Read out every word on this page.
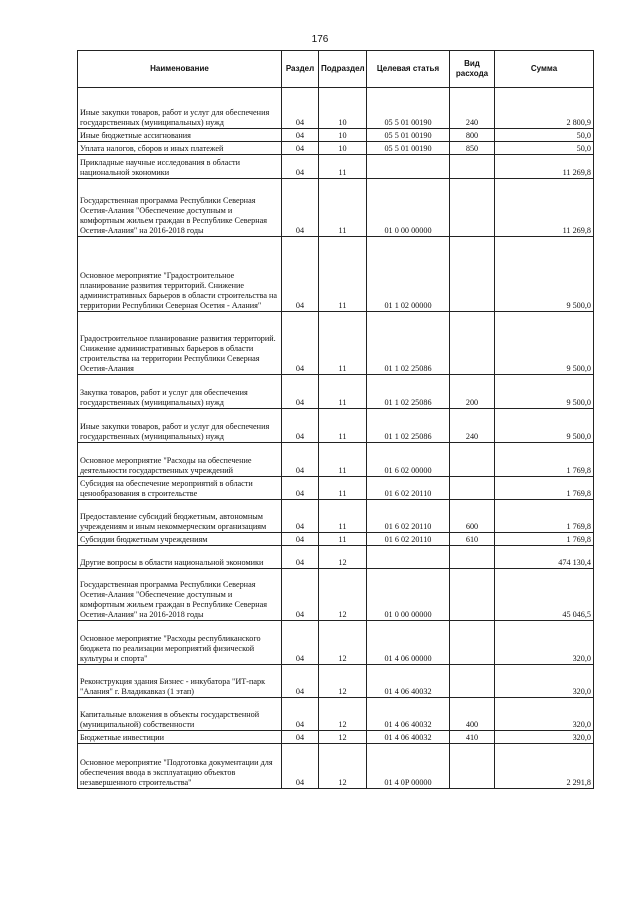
176
Наименование	Раздел	Подраздел	Целевая статья	Вид расхода	Сумма
Иные закупки товаров, работ и услуг для обеспечения государственных (муниципальных) нужд	04	10	05 5 01 00190	240	2 800,9
Иные бюджетные ассигнования	04	10	05 5 01 00190	800	50,0
Уплата налогов, сборов и иных платежей	04	10	05 5 01 00190	850	50,0
Прикладные научные исследования в области национальной экономики	04	11			11 269,8
Государственная программа Республики Северная Осетия-Алания "Обеспечение доступным и комфортным жильем граждан в Республике Северная Осетия-Алания" на 2016-2018 годы	04	11	01 0 00 00000		11 269,8
Основное мероприятие "Градостроительное планирование развития территорий. Снижение административных барьеров в области строительства на территории Республики Северная Осетия - Алания"	04	11	01 1 02 00000		9 500,0
Градостроительное планирование развития территорий. Снижение административных барьеров в области строительства на территории Республики Северная Осетия-Алания	04	11	01 1 02 25086		9 500,0
Закупка товаров, работ и услуг для обеспечения государственных (муниципальных) нужд	04	11	01 1 02 25086	200	9 500,0
Иные закупки товаров, работ и услуг для обеспечения государственных (муниципальных) нужд	04	11	01 1 02 25086	240	9 500,0
Основное мероприятие "Расходы на обеспечение деятельности государственных учреждений	04	11	01 6 02 00000		1 769,8
Субсидия на обеспечение мероприятий в области ценообразования в строительстве	04	11	01 6 02 20110		1 769,8
Предоставление субсидий бюджетным, автономным учреждениям и иным некоммерческим организациям	04	11	01 6 02 20110	600	1 769,8
Субсидии бюджетным учреждениям	04	11	01 6 02 20110	610	1 769,8
Другие вопросы в области национальной экономики	04	12			474 130,4
Государственная программа Республики Северная Осетия-Алания "Обеспечение доступным и комфортным жильем граждан в Республике Северная Осетия-Алания" на 2016-2018 годы	04	12	01 0 00 00000		45 046,5
Основное мероприятие "Расходы республиканского бюджета по реализации мероприятий физической культуры и спорта"	04	12	01 4 06 00000		320,0
Реконструкция здания Бизнес - инкубатора "ИТ-парк "Алания" г. Владикавказ (1 этап)	04	12	01 4 06 40032		320,0
Капитальные вложения в объекты государственной (муниципальной) собственности	04	12	01 4 06 40032	400	320,0
Бюджетные инвестиции	04	12	01 4 06 40032	410	320,0
Основное мероприятие "Подготовка документации для обеспечения ввода в эксплуатацию объектов незавершенного строительства"	04	12	01 4 0P 00000		2 291,8
